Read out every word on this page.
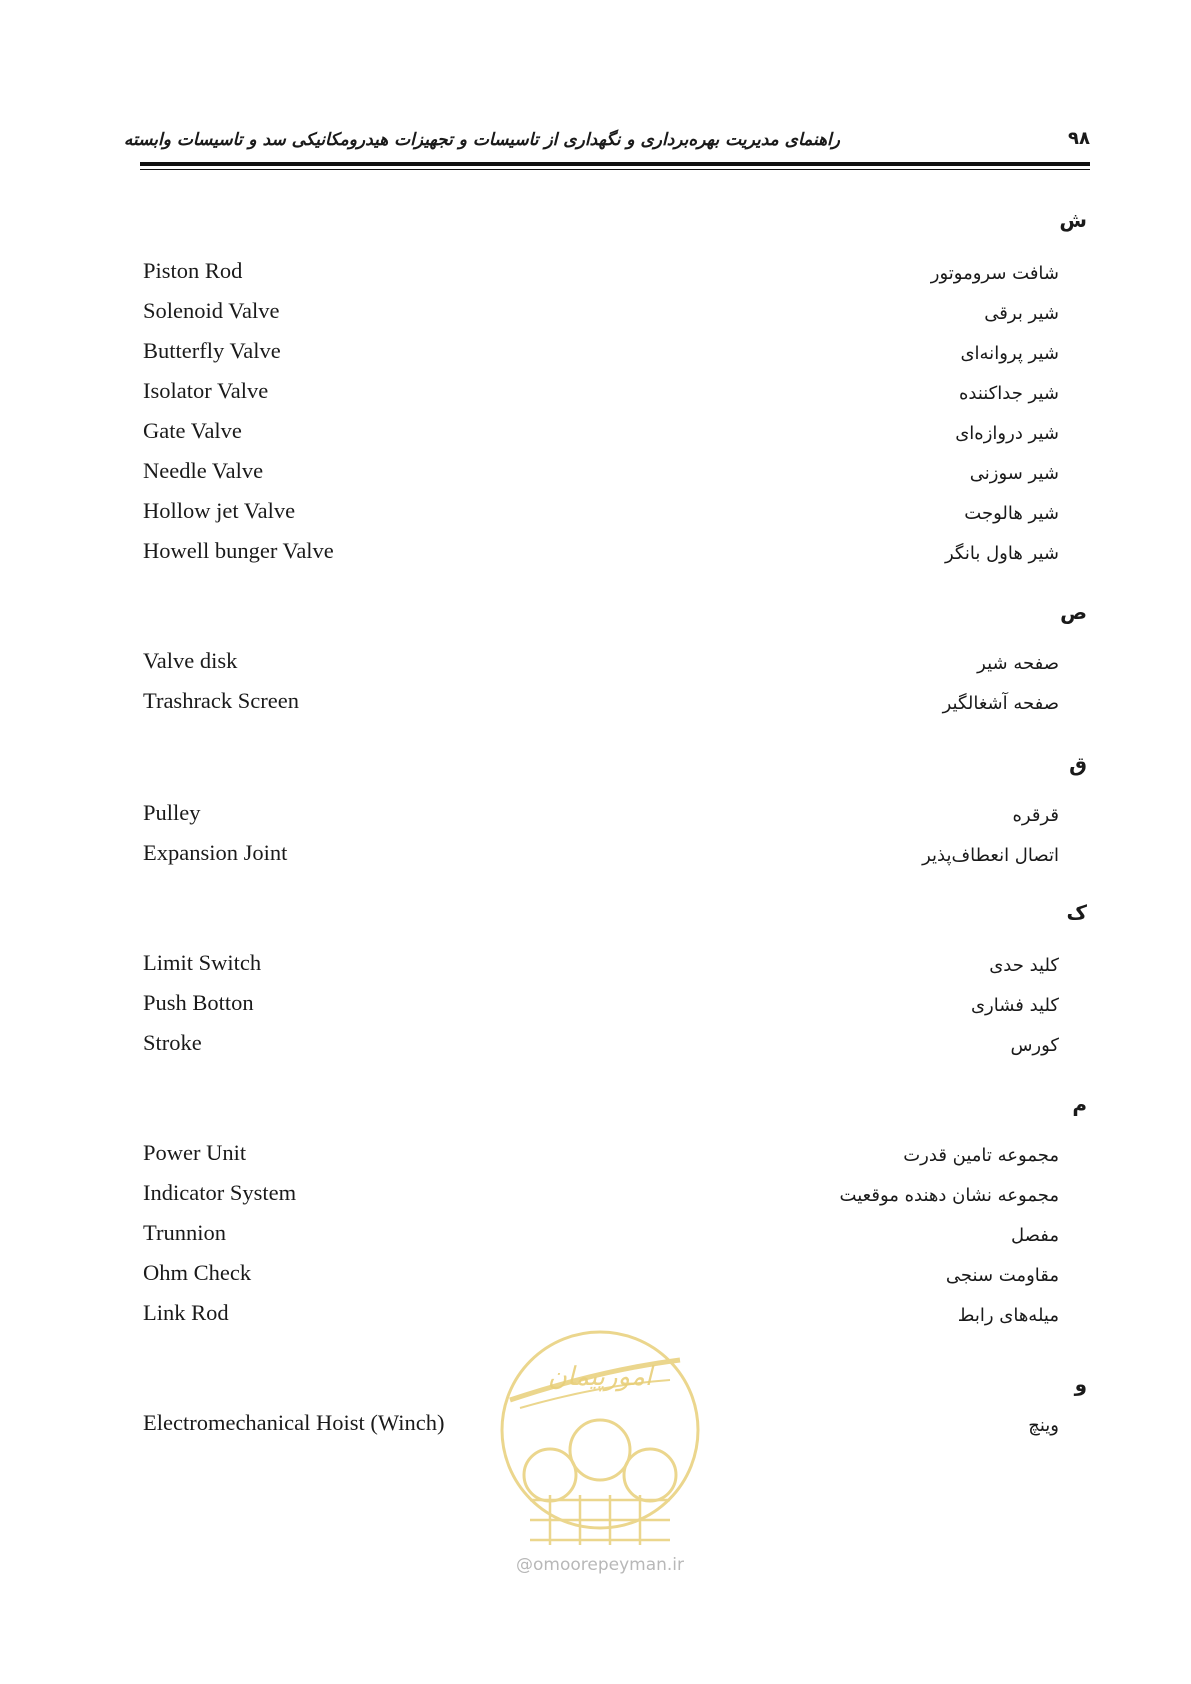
راهنمای مدیریت بهره‌برداری و نگهداری از تاسیسات و تجهیزات هیدرومکانیکی سد و تاسیسات وابسته	۹۸
ش
Piston Rod	شافت سروموتور
Solenoid Valve	شیر برقی
Butterfly Valve	شیر پروانه‌ای
Isolator Valve	شیر جداکننده
Gate Valve	شیر دروازه‌ای
Needle Valve	شیر سوزنی
Hollow jet Valve	شیر هالوجت
Howell bunger Valve	شیر هاول بانگر
ص
Valve disk	صفحه شیر
Trashrack Screen	صفحه آشغالگیر
ق
Pulley	قرقره
Expansion Joint	اتصال انعطاف‌پذیر
ک
Limit Switch	کلید حدی
Push Botton	کلید فشاری
Stroke	کورس
م
Power Unit	مجموعه تامین قدرت
Indicator System	مجموعه نشان دهنده موقعیت
Trunnion	مفصل
Ohm Check	مقاومت سنجی
Link Rod	میله‌های رابط
و
Electromechanical Hoist (Winch)	وینچ
امورپیمان
@omoorepeyman.ir
